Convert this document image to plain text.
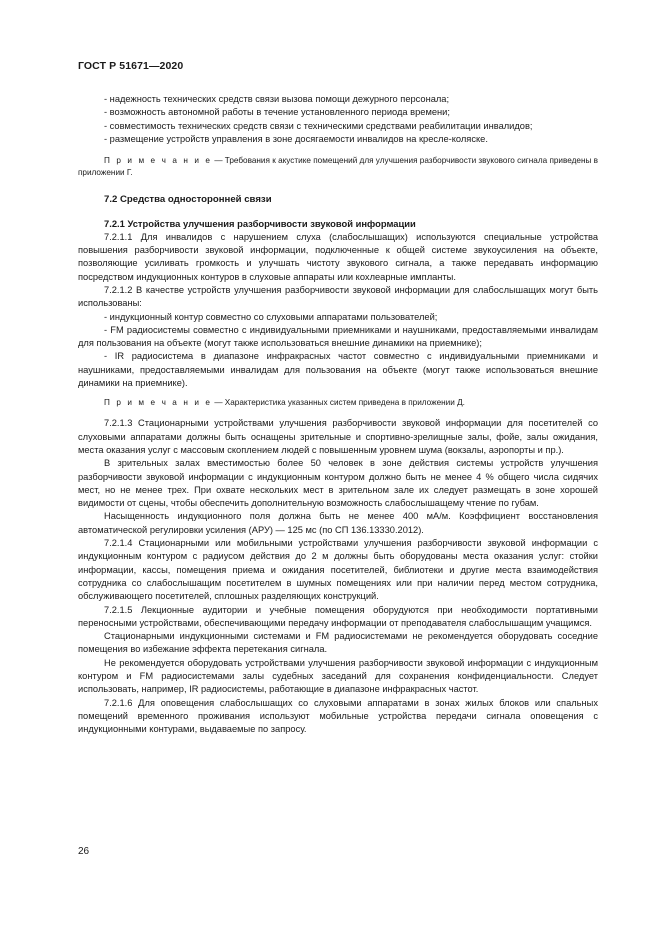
ГОСТ Р 51671—2020

- надежность технических средств связи вызова помощи дежурного персонала;

- возможность автономной работы в течение установленного периода времени;

- совместимость технических средств связи с техническими средствами реабилитации инвалидов;

- размещение устройств управления в зоне досягаемости инвалидов на кресле-коляске.

П р и м е ч а н и е — Требования к акустике помещений для улучшения разборчивости звукового сигнала приведены в приложении Г.

7.2 Средства односторонней связи

7.2.1 Устройства улучшения разборчивости звуковой информации

7.2.1.1 Для инвалидов с нарушением слуха (слабослышащих) используются специальные устройства повышения разборчивости звуковой информации, подключенные к общей системе звукоусиления на объекте, позволяющие усиливать громкость и улучшать чистоту звукового сигнала, а также передавать информацию посредством индукционных контуров в слуховые аппараты или кохлеарные импланты.

7.2.1.2 В качестве устройств улучшения разборчивости звуковой информации для слабослышащих могут быть использованы:

- индукционный контур совместно со слуховыми аппаратами пользователей;

- FM радиосистемы совместно с индивидуальными приемниками и наушниками, предоставляемыми инвалидам для пользования на объекте (могут также использоваться внешние динамики на приемнике);

- IR радиосистема в диапазоне инфракрасных частот совместно с индивидуальными приемниками и наушниками, предоставляемыми инвалидам для пользования на объекте (могут также использоваться внешние динамики на приемнике).

П р и м е ч а н и е — Характеристика указанных систем приведена в приложении Д.

7.2.1.3 Стационарными устройствами улучшения разборчивости звуковой информации для посетителей со слуховыми аппаратами должны быть оснащены зрительные и спортивно-зрелищные залы, фойе, залы ожидания, места оказания услуг с массовым скоплением людей с повышенным уровнем шума (вокзалы, аэропорты и пр.).

В зрительных залах вместимостью более 50 человек в зоне действия системы устройств улучшения разборчивости звуковой информации с индукционным контуром должно быть не менее 4 % общего числа сидячих мест, но не менее трех. При охвате нескольких мест в зрительном зале их следует размещать в зоне хорошей видимости от сцены, чтобы обеспечить дополнительную возможность слабослышащему чтение по губам.

Насыщенность индукционного поля должна быть не менее 400 мА/м. Коэффициент восстановления автоматической регулировки усиления (АРУ) — 125 мс (по СП 136.13330.2012).

7.2.1.4 Стационарными или мобильными устройствами улучшения разборчивости звуковой информации с индукционным контуром с радиусом действия до 2 м должны быть оборудованы места оказания услуг: стойки информации, кассы, помещения приема и ожидания посетителей, библиотеки и другие места взаимодействия сотрудника со слабослышащим посетителем в шумных помещениях или при наличии перед местом сотрудника, обслуживающего посетителей, сплошных разделяющих конструкций.

7.2.1.5 Лекционные аудитории и учебные помещения оборудуются при необходимости портативными переносными устройствами, обеспечивающими передачу информации от преподавателя слабослышащим учащимся.

Стационарными индукционными системами и FM радиосистемами не рекомендуется оборудовать соседние помещения во избежание эффекта перетекания сигнала.

Не рекомендуется оборудовать устройствами улучшения разборчивости звуковой информации с индукционным контуром и FM радиосистемами залы судебных заседаний для сохранения конфиденциальности. Следует использовать, например, IR радиосистемы, работающие в диапазоне инфракрасных частот.

7.2.1.6 Для оповещения слабослышащих со слуховыми аппаратами в зонах жилых блоков или спальных помещений временного проживания используют мобильные устройства передачи сигнала оповещения с индукционными контурами, выдаваемые по запросу.

26
